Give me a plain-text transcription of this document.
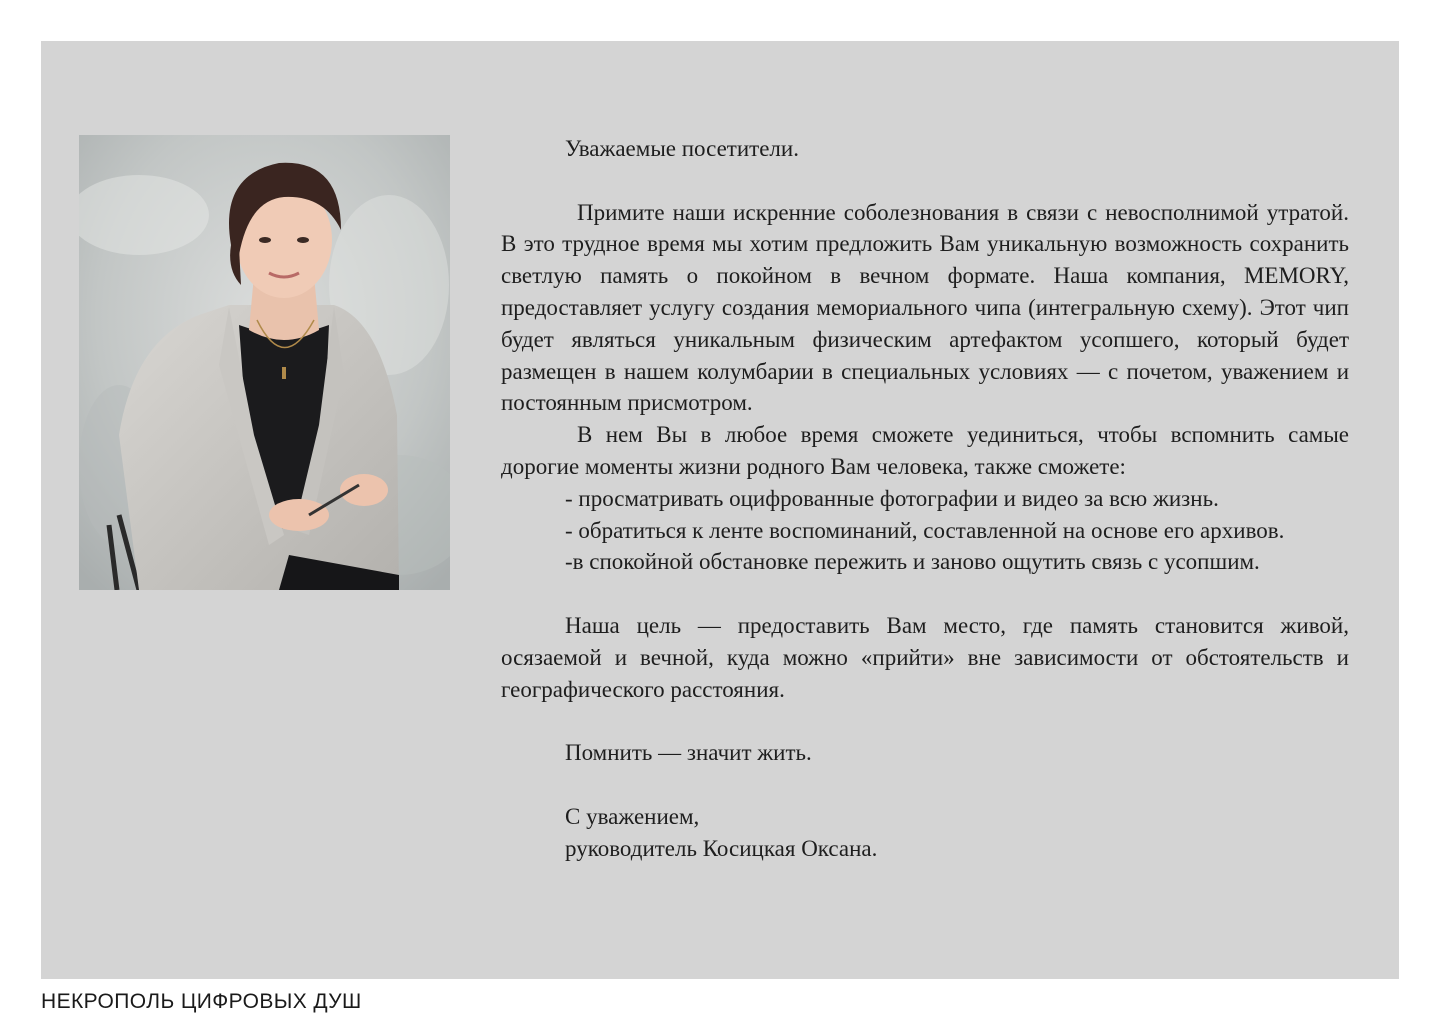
Уважаемые посетители.

Примите наши искренние соболезнования в связи с невосполнимой утратой. В это трудное время мы хотим предложить Вам уникальную возможность сохранить светлую память о покойном в вечном формате. Наша компания, MEMORY, предоставляет услугу создания мемориального чипа (интегральную схему). Этот чип будет являться уникальным физическим артефактом усопшего, который будет размещен в нашем колумбарии в специальных условиях — с почетом, уважением и постоянным присмотром.

В нем Вы в любое время сможете уединиться, чтобы вспомнить самые дорогие моменты жизни родного Вам человека, также сможете:

- просматривать оцифрованные фотографии и видео за всю жизнь.

- обратиться к ленте воспоминаний, составленной на основе его архивов.

-в спокойной обстановке пережить и заново ощутить связь с усопшим.

Наша цель — предоставить Вам место, где память становится живой, осязаемой и вечной, куда можно «прийти» вне зависимости от обстоятельств и географического расстояния.

Помнить — значит жить.

С уважением,

руководитель Косицкая Оксана.

НЕКРОПОЛЬ ЦИФРОВЫХ ДУШ
